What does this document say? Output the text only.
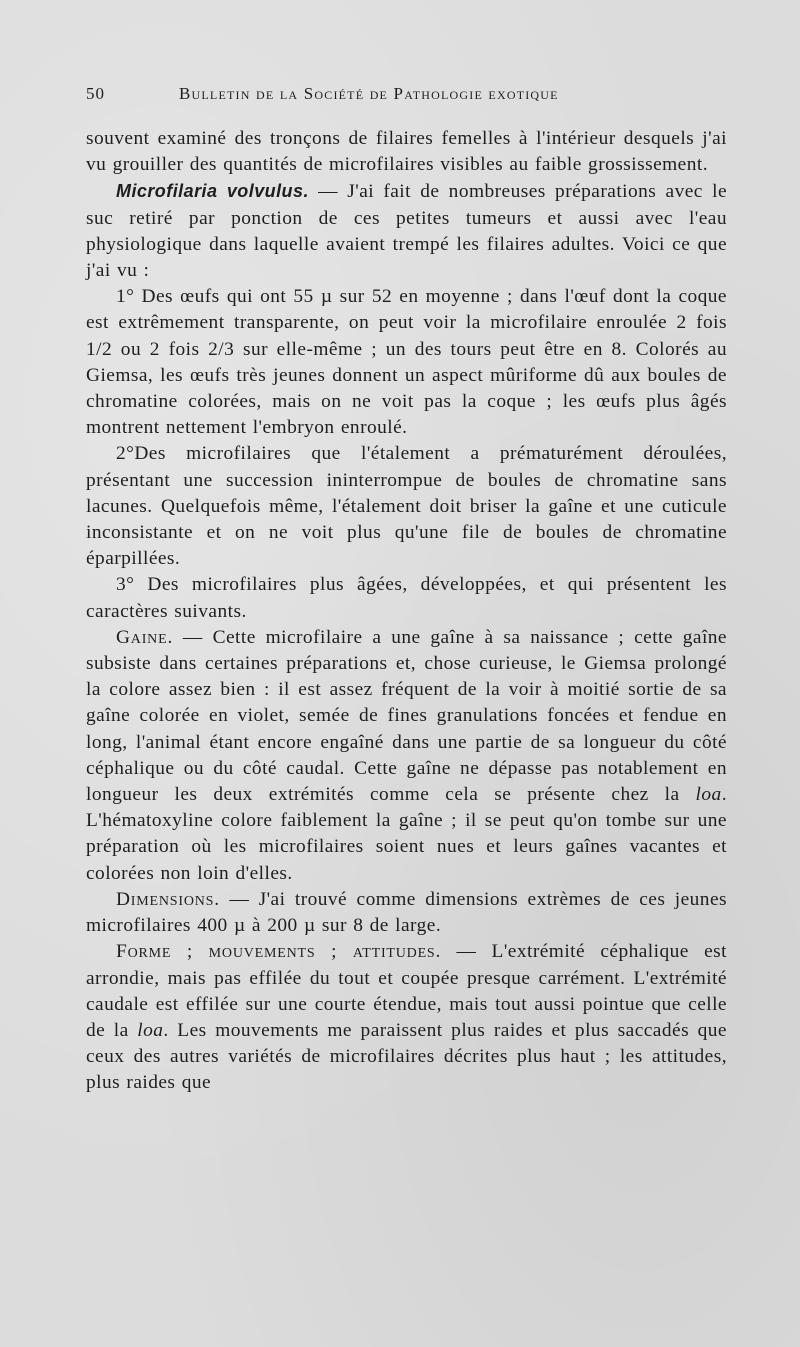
50	Bulletin de la Société de Pathologie exotique

souvent examiné des tronçons de filaires femelles à l'intérieur desquels j'ai vu grouiller des quantités de microfilaires visibles au faible grossissement.

Microfilaria volvulus. — J'ai fait de nombreuses préparations avec le suc retiré par ponction de ces petites tumeurs et aussi avec l'eau physiologique dans laquelle avaient trempé les filaires adultes. Voici ce que j'ai vu :

1° Des œufs qui ont 55 µ sur 52 en moyenne ; dans l'œuf dont la coque est extrêmement transparente, on peut voir la microfilaire enroulée 2 fois 1/2 ou 2 fois 2/3 sur elle-même ; un des tours peut être en 8. Colorés au Giemsa, les œufs très jeunes donnent un aspect mûriforme dû aux boules de chromatine colorées, mais on ne voit pas la coque ; les œufs plus âgés montrent nettement l'embryon enroulé.

2°Des microfilaires que l'étalement a prématurément déroulées, présentant une succession ininterrompue de boules de chromatine sans lacunes. Quelquefois même, l'étalement doit briser la gaîne et une cuticule inconsistante et on ne voit plus qu'une file de boules de chromatine éparpillées.

3° Des microfilaires plus âgées, développées, et qui présentent les caractères suivants.

Gaine. — Cette microfilaire a une gaîne à sa naissance ; cette gaîne subsiste dans certaines préparations et, chose curieuse, le Giemsa prolongé la colore assez bien : il est assez fréquent de la voir à moitié sortie de sa gaîne colorée en violet, semée de fines granulations foncées et fendue en long, l'animal étant encore engaîné dans une partie de sa longueur du côté céphalique ou du côté caudal. Cette gaîne ne dépasse pas notablement en longueur les deux extrémités comme cela se présente chez la loa. L'hématoxyline colore faiblement la gaîne ; il se peut qu'on tombe sur une préparation où les microfilaires soient nues et leurs gaînes vacantes et colorées non loin d'elles.

Dimensions. — J'ai trouvé comme dimensions extrèmes de ces jeunes microfilaires 400 µ à 200 µ sur 8 de large.

Forme ; mouvements ; attitudes. — L'extrémité céphalique est arrondie, mais pas effilée du tout et coupée presque carrément. L'extrémité caudale est effilée sur une courte étendue, mais tout aussi pointue que celle de la loa. Les mouvements me paraissent plus raides et plus saccadés que ceux des autres variétés de microfilaires décrites plus haut ; les attitudes, plus raides que
